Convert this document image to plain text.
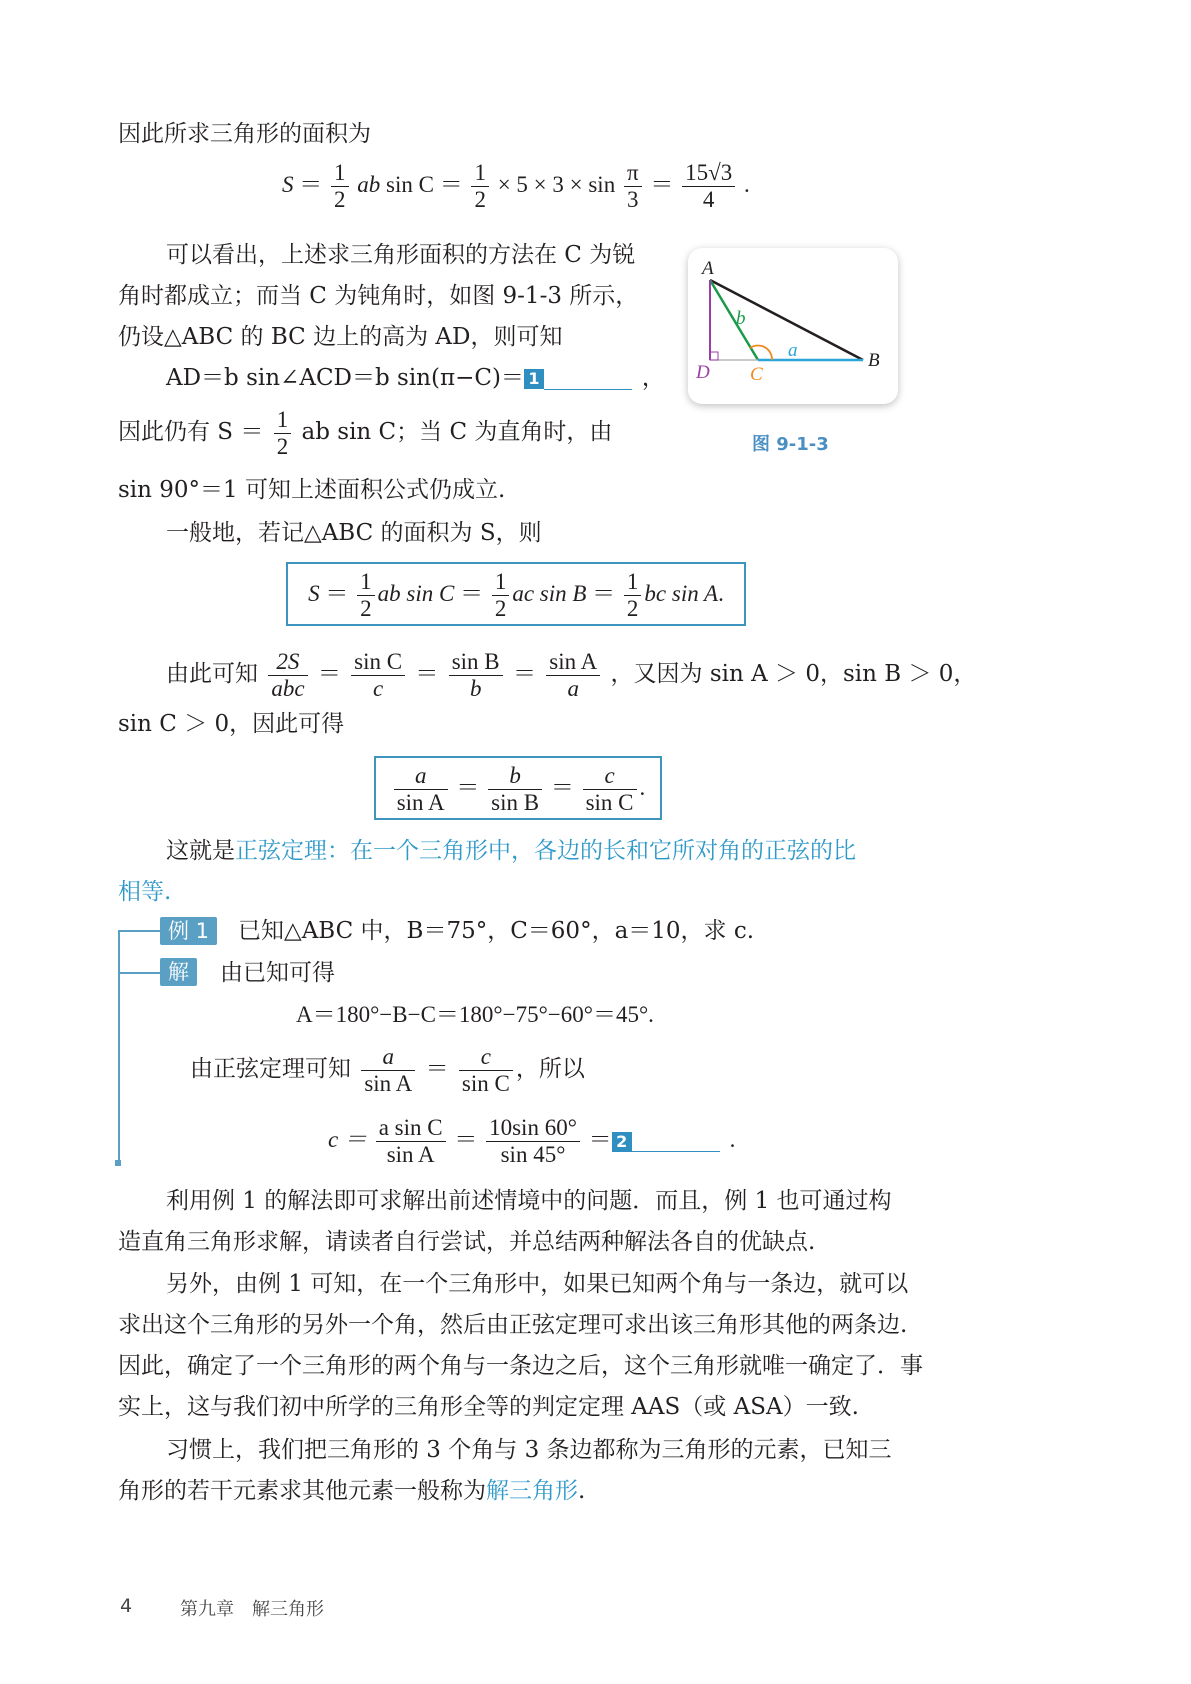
因此所求三角形的面积为
$S = \frac{1}{2}$ ab $\sin C = \frac{1}{2} \times 5 \times 3 \times \sin \frac{\pi}{3} = \frac{15√3}{4}$ .
可以看出，上述求三角形面积的方法在 C 为锐
角时都成立；而当 C 为钝角时，如图 9-1-3 所示，
仍设△ABC 的 BC 边上的高为 AD，则可知
AD＝b sin∠ACD＝b sin(π−C)＝ 1	，
因此仍有 $S = \frac{1}{2}$ ab sin C；当 C 为直角时，由
sin 90°＝1 可知上述面积公式仍成立.
A
B
C
D
a
b
图 9-1-3
一般地，若记△ABC 的面积为 S，则
$S = \frac{1}{2}$ ab $\sin C = \frac{1}{2}$ ac $\sin B = \frac{1}{2}$ bc sin A.
由此可知 $\frac{2S}{\text{abc}} = \frac{\text{sin C}}{c} = \frac{\text{sin B}}{b} = \frac{\text{sin A}}{a}$ ，又因为 sin A ＞ 0，sin B ＞ 0，
sin C ＞ 0，因此可得
$\frac{a}{\text{sin A}} = \frac{b}{\text{sin B}} = \frac{c}{\text{sin C}}$ .
这就是正弦定理：在一个三角形中，各边的长和它所对角的正弦的比
相等.
例 1	已知△ABC 中，B＝75°，C＝60°，a＝10，求 c.
解	由已知可得
A＝180°−B−C＝180°−75°−60°＝45°.
由正弦定理可知 $\frac{a}{\text{sin A}} = \frac{c}{\text{sin C}}$ ，所以
$c = \frac{\text{a sin C}}{\text{sin A}} = \frac{10\sin 60^\circ}{\sin 45^\circ} = 2$	.
利用例 1 的解法即可求解出前述情境中的问题．而且，例 1 也可通过构
造直角三角形求解，请读者自行尝试，并总结两种解法各自的优缺点.
另外，由例 1 可知，在一个三角形中，如果已知两个角与一条边，就可以
求出这个三角形的另外一个角，然后由正弦定理可求出该三角形其他的两条边.
因此，确定了一个三角形的两个角与一条边之后，这个三角形就唯一确定了．事
实上，这与我们初中所学的三角形全等的判定定理 AAS（或 ASA）一致.
习惯上，我们把三角形的 3 个角与 3 条边都称为三角形的元素，已知三
角形的若干元素求其他元素一般称为解三角形.
4	第九章 解三角形
